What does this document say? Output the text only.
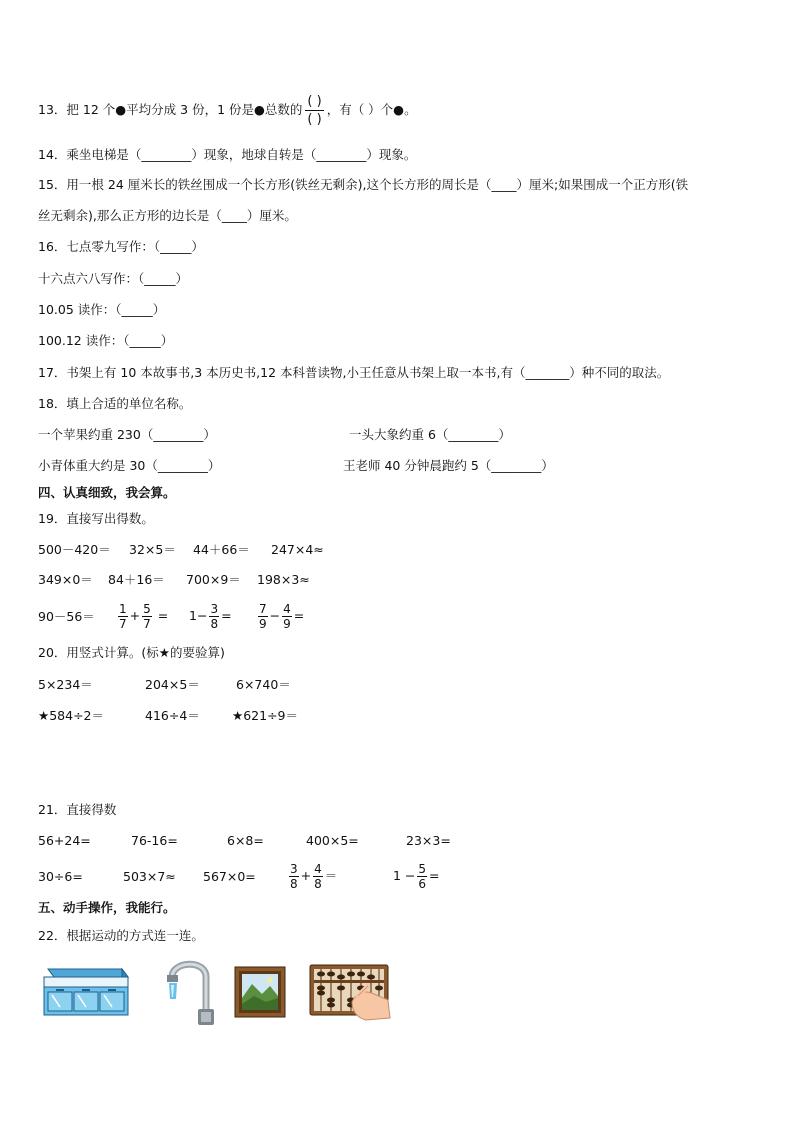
13．把 12 个●平均分成 3 份，1 份是●总数的
( )
( )
，有（ ）个●。
14．乘坐电梯是（________）现象，地球自转是（________）现象。
15．用一根 24 厘米长的铁丝围成一个长方形(铁丝无剩余),这个长方形的周长是（____）厘米;如果围成一个正方形(铁
丝无剩余),那么正方形的边长是（____）厘米。
16．七点零九写作：（_____）
十六点六八写作：（_____）
10.05 读作：（_____）
100.12 读作：（_____）
17．书架上有 10 本故事书,3 本历史书,12 本科普读物,小王任意从书架上取一本书,有（_______）种不同的取法。
18．填上合适的单位名称。
一个苹果约重 230（________）	一头大象约重 6（________）
小青体重大约是 30（________）	王老师 40 分钟晨跑约 5（________）
四、认真细致，我会算。
19．直接写出得数。
500－420＝ 32×5＝ 44＋66＝ 247×4≈
349×0＝ 84＋16＝ 700×9＝ 198×3≈
$90-56= \frac{1}{7} + \frac{5}{7} = 1- \frac{3}{8} = \frac{7}{9} - \frac{4}{9}$ =
20．用竖式计算。(标★的要验算)
5×234＝	204×5＝	6×740＝
★584÷2＝	416÷4＝	★621÷9＝
21．直接得数
56+24=	76-16=	6×8=	400×5=	23×3=
30÷6=	503×7≈ 567×0=	$\frac{3}{8} + \frac{4}{8}$ ＝	$1 - \frac{5}{6}$ =
五、动手操作，我能行。
22．根据运动的方式连一连。
